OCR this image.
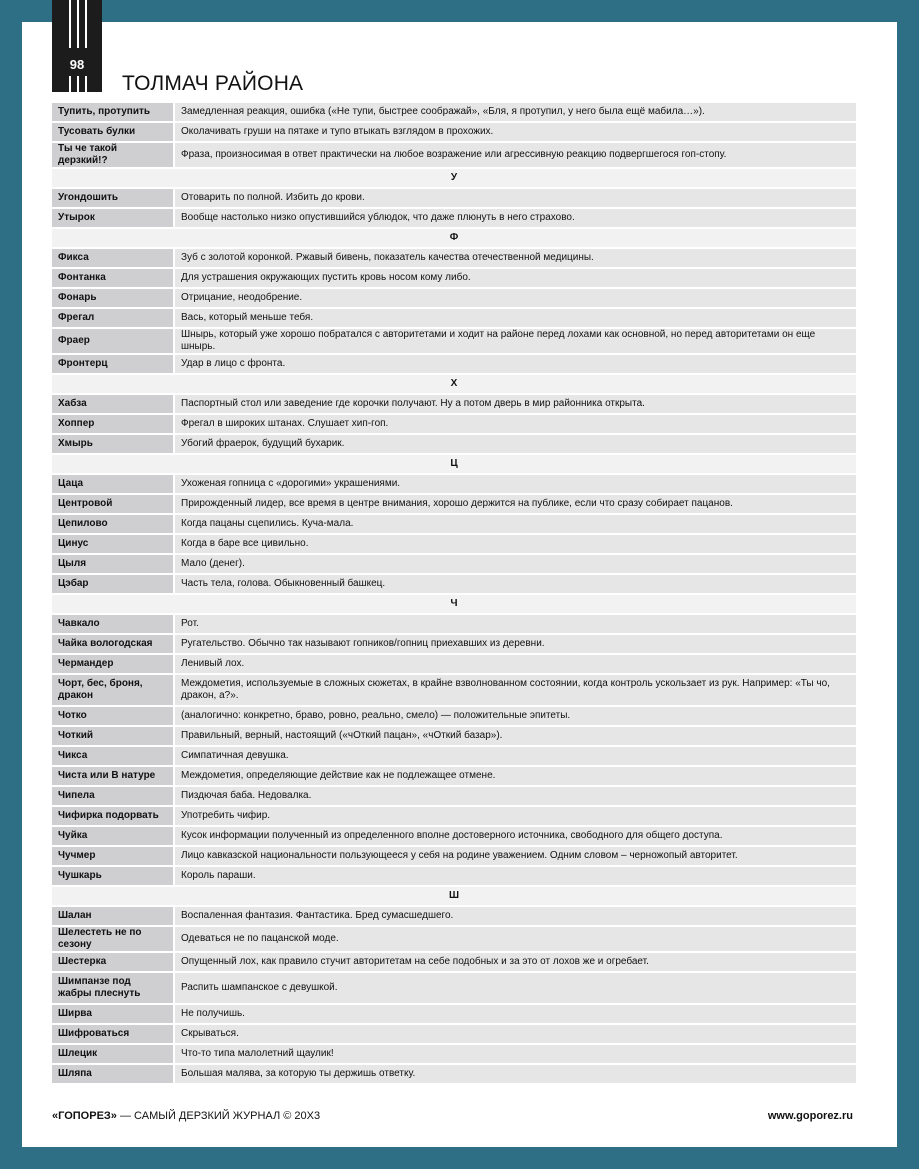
98
ТОЛМАЧ РАЙОНА
Тупить, протупить	Замедленная реакция, ошибка («Не тупи, быстрее соображай», «Бля, я протупил, у него была ещё мабила…»).
Тусовать булки	Околачивать груши на пятаке и тупо втыкать взглядом в прохожих.
Ты че такой дерзкий!?	Фраза, произносимая в ответ практически на любое возражение или агрессивную реакцию подвергшегося гоп-стопу.
У	
Угондошить	Отоварить по полной. Избить до крови.
Утырок	Вообще настолько низко опустившийся ублюдок, что даже плюнуть в него страхово.
Ф	
Фикса	Зуб с золотой коронкой. Ржавый бивень, показатель качества отечественной медицины.
Фонтанка	Для устрашения окружающих пустить кровь носом кому либо.
Фонарь	Отрицание, неодобрение.
Фрегал	Вась, который меньше тебя.
Фраер	Шнырь, который уже хорошо побратался с авторитетами и ходит на районе перед лохами как основной, но перед авторитетами он еще шнырь.
Фронтерц	Удар в лицо с фронта.
Х	
Хабза	Паспортный стол или заведение где корочки получают. Ну а потом дверь в мир районника открыта.
Хоппер	Фрегал в широких штанах. Слушает хип-гоп.
Хмырь	Убогий фраерок, будущий бухарик.
Ц	
Цаца	Ухоженая гопница с «дорогими» украшениями.
Центровой	Прирожденный лидер, все время в центре внимания, хорошо держится на публике, если что сразу собирает пацанов.
Цепилово	Когда пацаны сцепились. Куча-мала.
Цинус	Когда в баре все цивильно.
Цыля	Мало (денег).
Цэбар	Часть тела, голова. Обыкновенный башкец.
Ч	
Чавкало	Рот.
Чайка вологодская	Ругательство. Обычно так называют гопников/гопниц приехавших из деревни.
Чермандер	Ленивый лох.
Чорт, бес, броня, дракон	Междометия, используемые в сложных сюжетах, в крайне взволнованном состоянии, когда контроль ускользает из рук. Например: «Ты чо, дракон, а?».
Чотко	(аналогично: конкретно, браво, ровно, реально, смело) — положительные эпитеты.
Чоткий	Правильный, верный, настоящий («чОткий пацан», «чОткий базар»).
Чикса	Симпатичная девушка.
Чиста или В натуре	Междометия, определяющие действие как не подлежащее отмене.
Чипела	Пиздючая баба. Недовалка.
Чифирка подорвать	Употребить чифир.
Чуйка	Кусок информации полученный из определенного вполне достоверного источника, свободного для общего доступа.
Чучмер	Лицо кавказской национальности пользующееся у себя на родине уважением. Одним словом – черножопый авторитет.
Чушкарь	Король параши.
Ш	
Шалан	Воспаленная фантазия. Фантастика. Бред сумасшедшего.
Шелестеть не по сезону	Одеваться не по пацанской моде.
Шестерка	Опущенный лох, как правило стучит авторитетам на себе подобных и за это от лохов же и огребает.
Шимпанзе под жабры плеснуть	Распить шампанское с девушкой.
Ширва	Не получишь.
Шифроваться	Скрываться.
Шлецик	Что-то типа малолетний щаулик!
Шляпа	Большая малява, за которую ты держишь ответку.
«ГОПОРЕЗ» — САМЫЙ ДЕРЗКИЙ ЖУРНАЛ © 20Х3	www.goporez.ru
